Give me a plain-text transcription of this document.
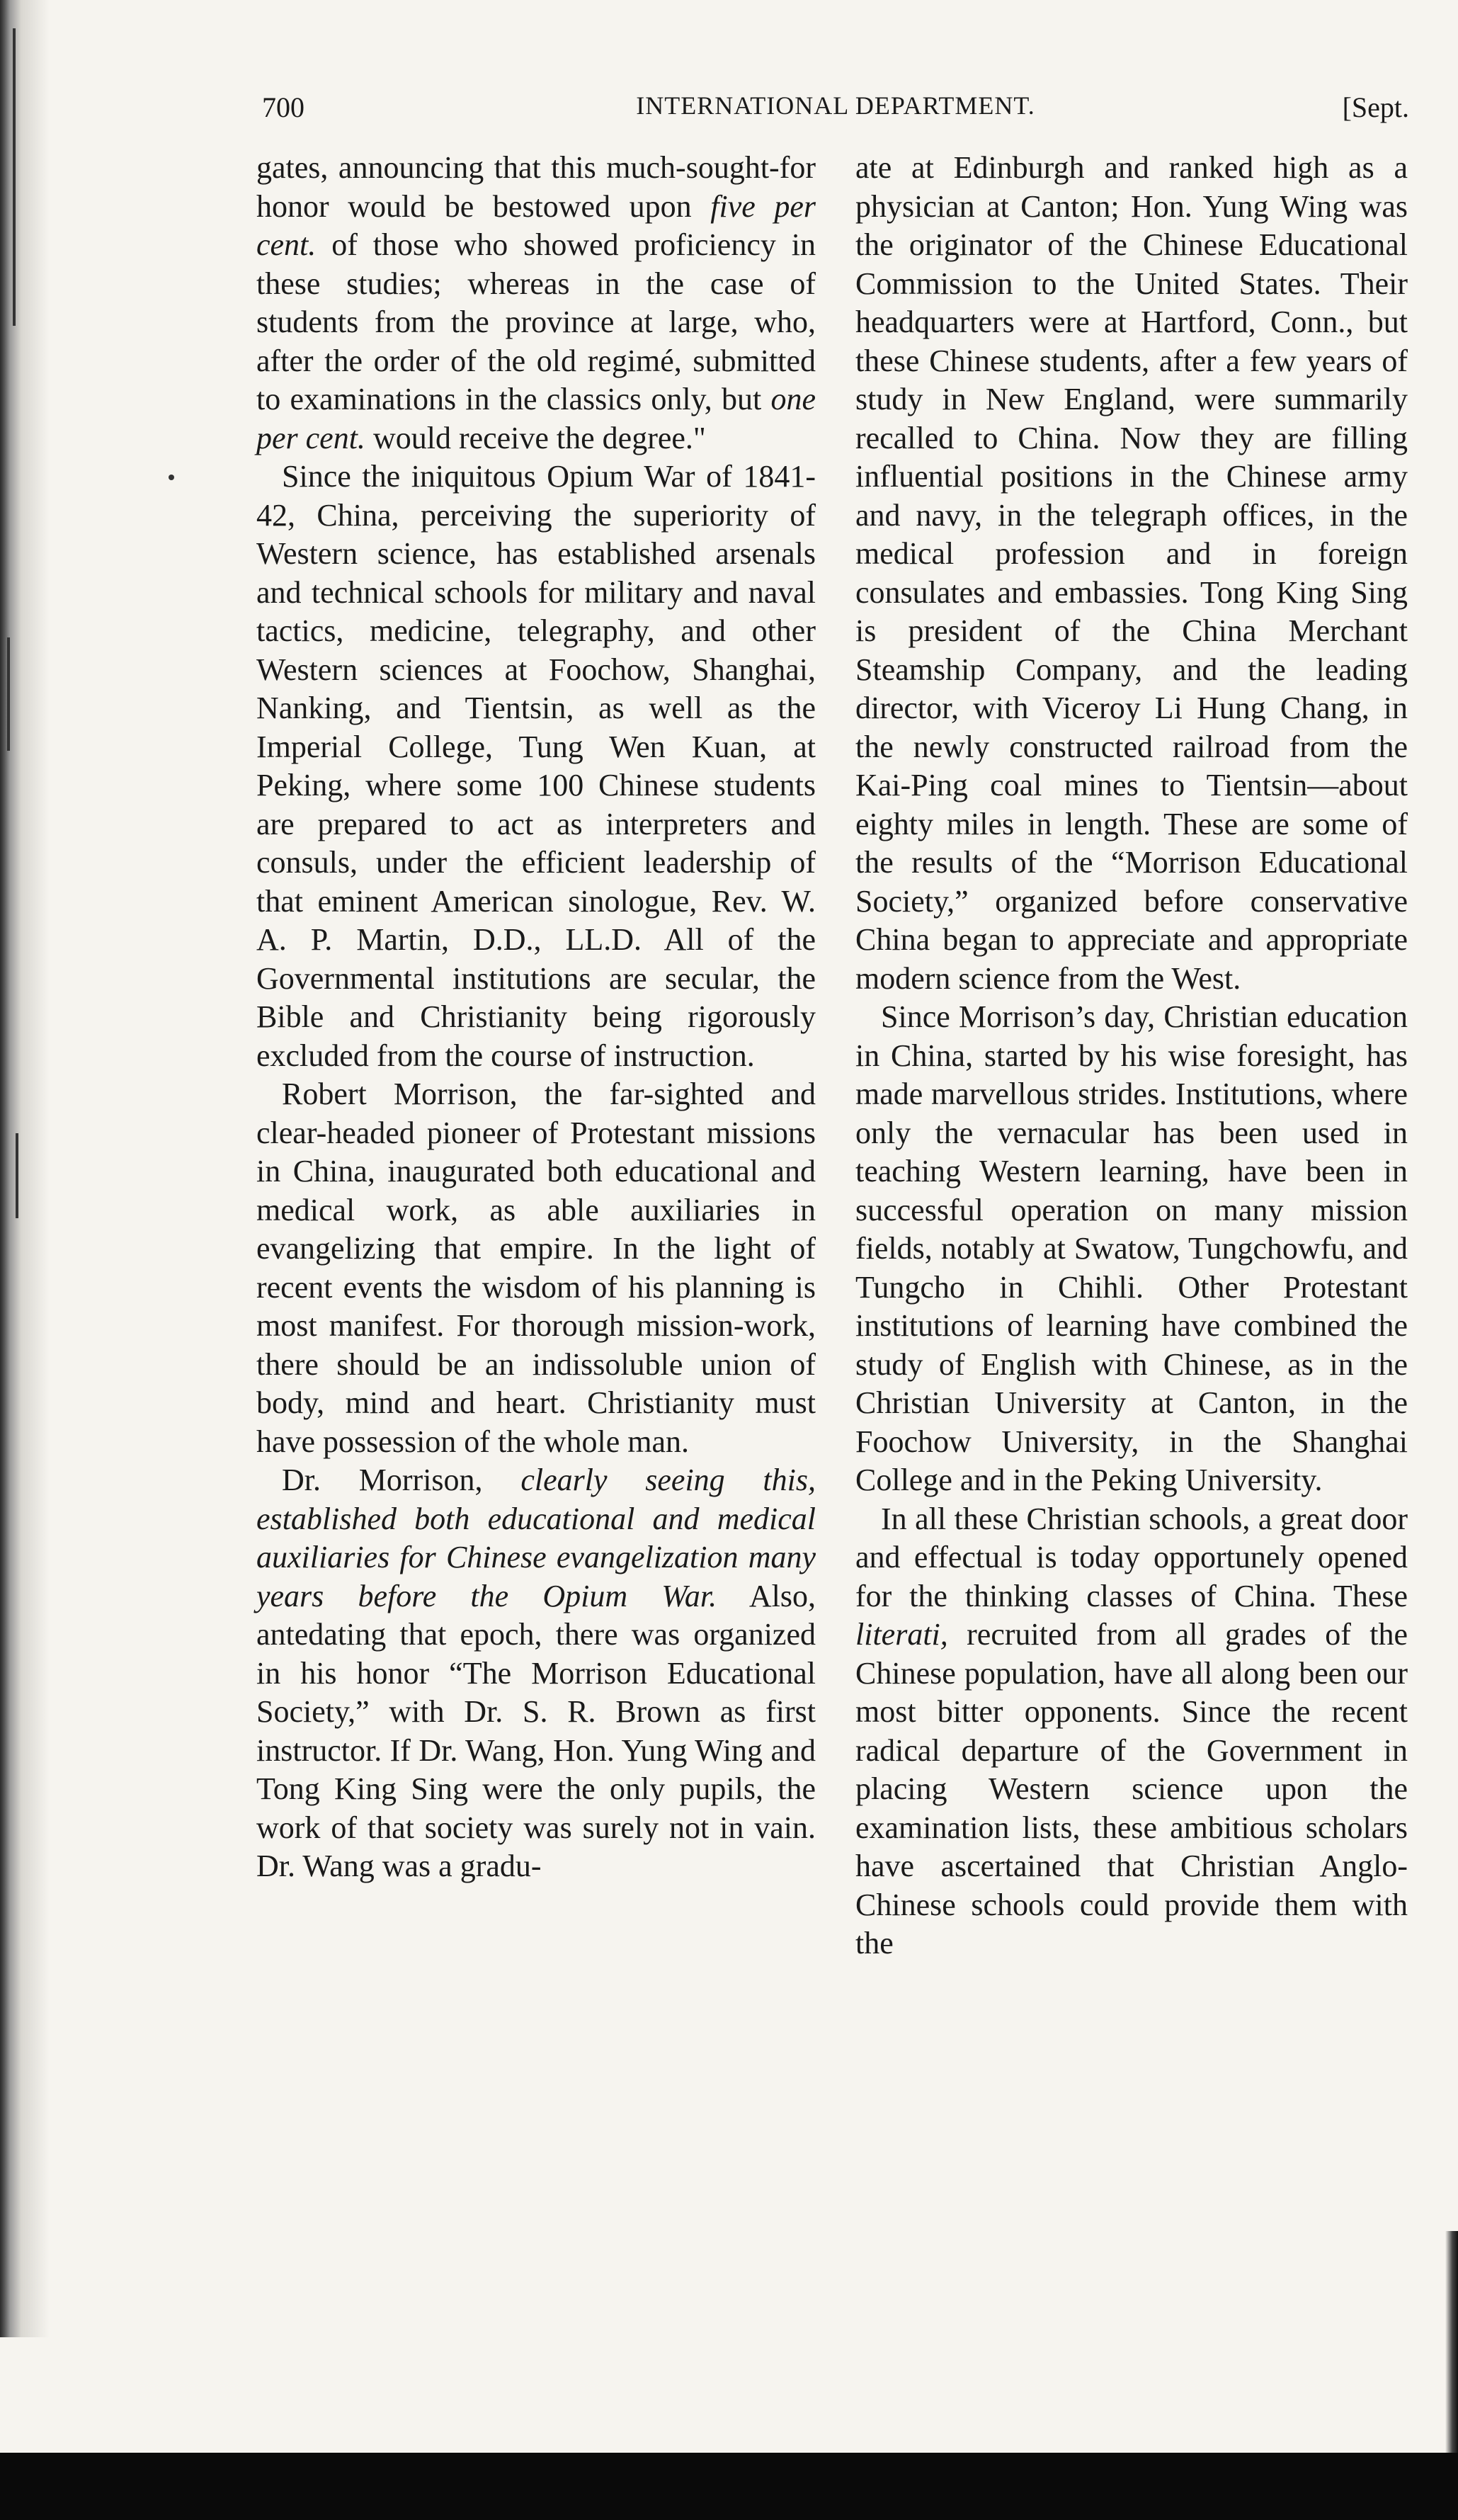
700	INTERNATIONAL DEPARTMENT.	[Sept.

gates, announcing that this much-sought-for honor would be bestowed upon five per cent. of those who showed proficiency in these studies; whereas in the case of students from the province at large, who, after the order of the old regimé, submitted to examinations in the classics only, but one per cent. would receive the degree."

Since the iniquitous Opium War of 1841-42, China, perceiving the superiority of Western science, has established arsenals and technical schools for military and naval tactics, medicine, telegraphy, and other Western sciences at Foochow, Shanghai, Nanking, and Tientsin, as well as the Imperial College, Tung Wen Kuan, at Peking, where some 100 Chinese students are prepared to act as interpreters and consuls, under the efficient leadership of that eminent American sinologue, Rev. W. A. P. Martin, D.D., LL.D. All of the Governmental institutions are secular, the Bible and Christianity being rigorously excluded from the course of instruction.

Robert Morrison, the far-sighted and clear-headed pioneer of Protestant missions in China, inaugurated both educational and medical work, as able auxiliaries in evangelizing that empire. In the light of recent events the wisdom of his planning is most manifest. For thorough mission-work, there should be an indissoluble union of body, mind and heart. Christianity must have possession of the whole man.

Dr. Morrison, clearly seeing this, established both educational and medical auxiliaries for Chinese evangelization many years before the Opium War. Also, antedating that epoch, there was organized in his honor “The Morrison Educational Society,” with Dr. S. R. Brown as first instructor. If Dr. Wang, Hon. Yung Wing and Tong King Sing were the only pupils, the work of that society was surely not in vain. Dr. Wang was a gradu-

ate at Edinburgh and ranked high as a physician at Canton; Hon. Yung Wing was the originator of the Chinese Educational Commission to the United States. Their headquarters were at Hartford, Conn., but these Chinese students, after a few years of study in New England, were summarily recalled to China. Now they are filling influential positions in the Chinese army and navy, in the telegraph offices, in the medical profession and in foreign consulates and embassies. Tong King Sing is president of the China Merchant Steamship Company, and the leading director, with Viceroy Li Hung Chang, in the newly constructed railroad from the Kai-Ping coal mines to Tientsin—about eighty miles in length. These are some of the results of the “Morrison Educational Society,” organized before conservative China began to appreciate and appropriate modern science from the West.

Since Morrison’s day, Christian education in China, started by his wise foresight, has made marvellous strides. Institutions, where only the vernacular has been used in teaching Western learning, have been in successful operation on many mission fields, notably at Swatow, Tungchowfu, and Tungcho in Chihli. Other Protestant institutions of learning have combined the study of English with Chinese, as in the Christian University at Canton, in the Foochow University, in the Shanghai College and in the Peking University.

In all these Christian schools, a great door and effectual is today opportunely opened for the thinking classes of China. These literati, recruited from all grades of the Chinese population, have all along been our most bitter opponents. Since the recent radical departure of the Government in placing Western science upon the examination lists, these ambitious scholars have ascertained that Christian Anglo-Chinese schools could provide them with the
